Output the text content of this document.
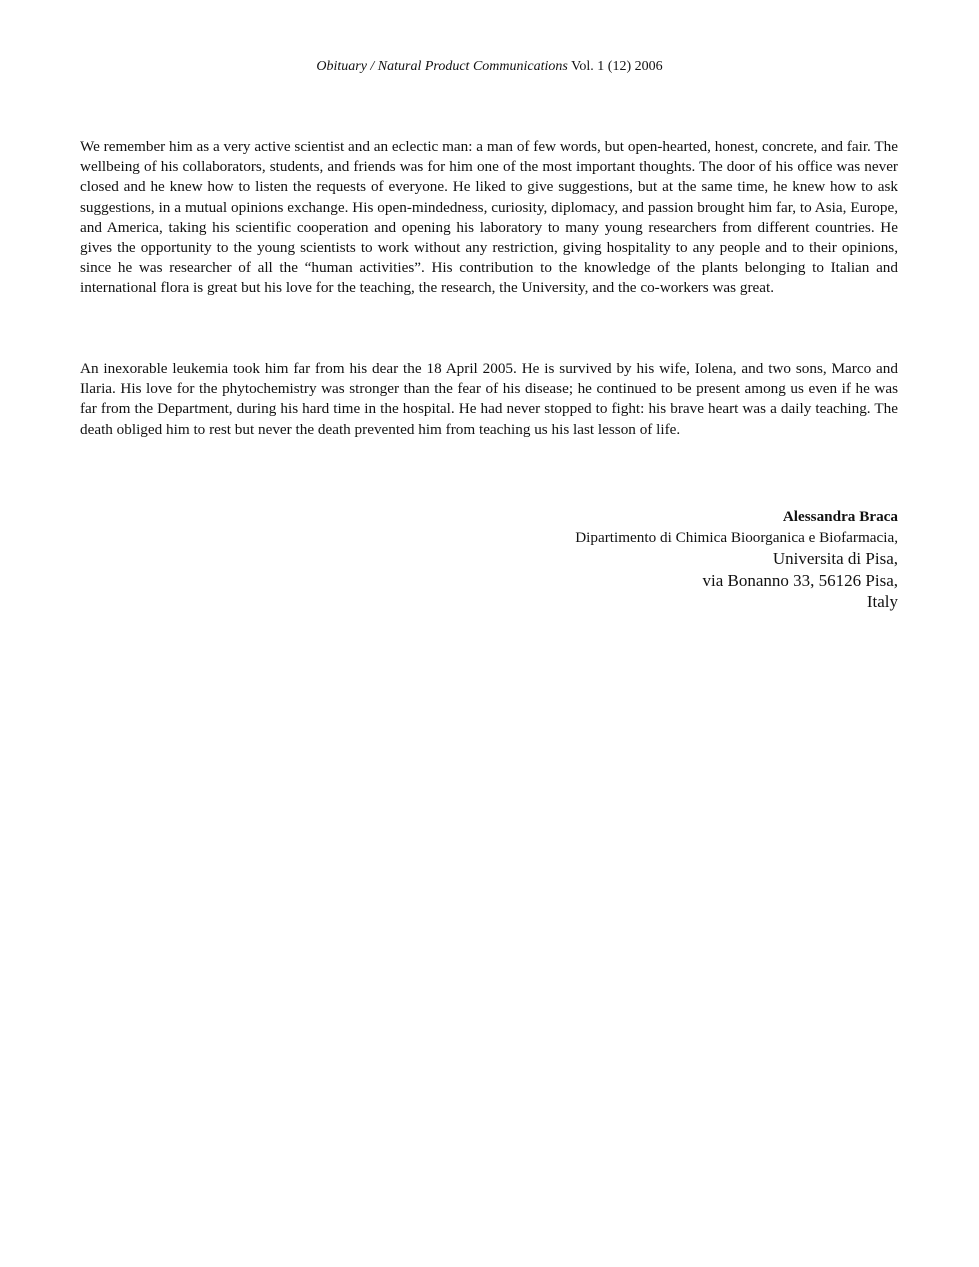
Obituary / Natural Product Communications Vol. 1 (12) 2006

We remember him as a very active scientist and an eclectic man: a man of few words, but open-hearted, honest, concrete, and fair. The wellbeing of his collaborators, students, and friends was for him one of the most important thoughts. The door of his office was never closed and he knew how to listen the requests of everyone. He liked to give suggestions, but at the same time, he knew how to ask suggestions, in a mutual opinions exchange. His open-mindedness, curiosity, diplomacy, and passion brought him far, to Asia, Europe, and America, taking his scientific cooperation and opening his laboratory to many young researchers from different countries. He gives the opportunity to the young scientists to work without any restriction, giving hospitality to any people and to their opinions, since he was researcher of all the “human activities”. His contribution to the knowledge of the plants belonging to Italian and international flora is great but his love for the teaching, the research, the University, and the co-workers was great.

An inexorable leukemia took him far from his dear the 18 April 2005. He is survived by his wife, Iolena, and two sons, Marco and Ilaria. His love for the phytochemistry was stronger than the fear of his disease; he continued to be present among us even if he was far from the Department, during his hard time in the hospital. He had never stopped to fight: his brave heart was a daily teaching. The death obliged him to rest but never the death prevented him from teaching us his last lesson of life.

Alessandra Braca
Dipartimento di Chimica Bioorganica e Biofarmacia,
Universita di Pisa,
via Bonanno 33, 56126 Pisa,
Italy
